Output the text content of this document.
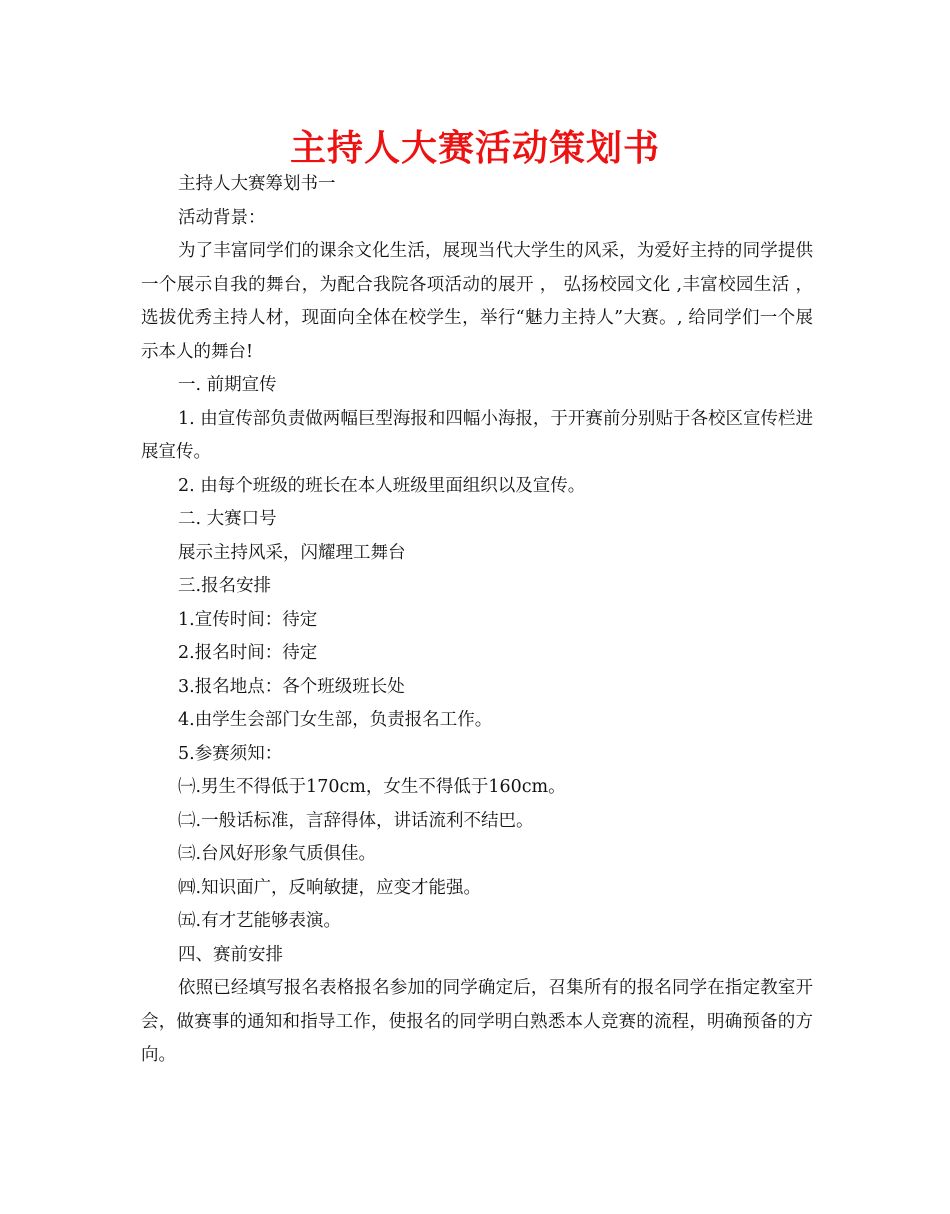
主持人大赛活动策划书

主持人大赛筹划书一

活动背景：

为了丰富同学们的课余文化生活，展现当代大学生的风采，为爱好主持的同学提供一个展示自我的舞台，为配合我院各项活动的展开 ， 弘扬校园文化 ,丰富校园生活 ， 选拔优秀主持人材，现面向全体在校学生，举行“魅力主持人”大赛。, 给同学们一个展示本人的舞台!

一. 前期宣传

1. 由宣传部负责做两幅巨型海报和四幅小海报，于开赛前分别贴于各校区宣传栏进展宣传。

2. 由每个班级的班长在本人班级里面组织以及宣传。

二. 大赛口号

展示主持风采，闪耀理工舞台

三.报名安排

1.宣传时间：待定

2.报名时间：待定

3.报名地点：各个班级班长处

4.由学生会部门女生部，负责报名工作。

5.参赛须知：

㈠.男生不得低于170cm，女生不得低于160cm。

㈡.一般话标准，言辞得体，讲话流利不结巴。

㈢.台风好形象气质俱佳。

㈣.知识面广，反响敏捷，应变才能强。

㈤.有才艺能够表演。

四、赛前安排

依照已经填写报名表格报名参加的同学确定后，召集所有的报名同学在指定教室开会，做赛事的通知和指导工作，使报名的同学明白熟悉本人竞赛的流程，明确预备的方向。
